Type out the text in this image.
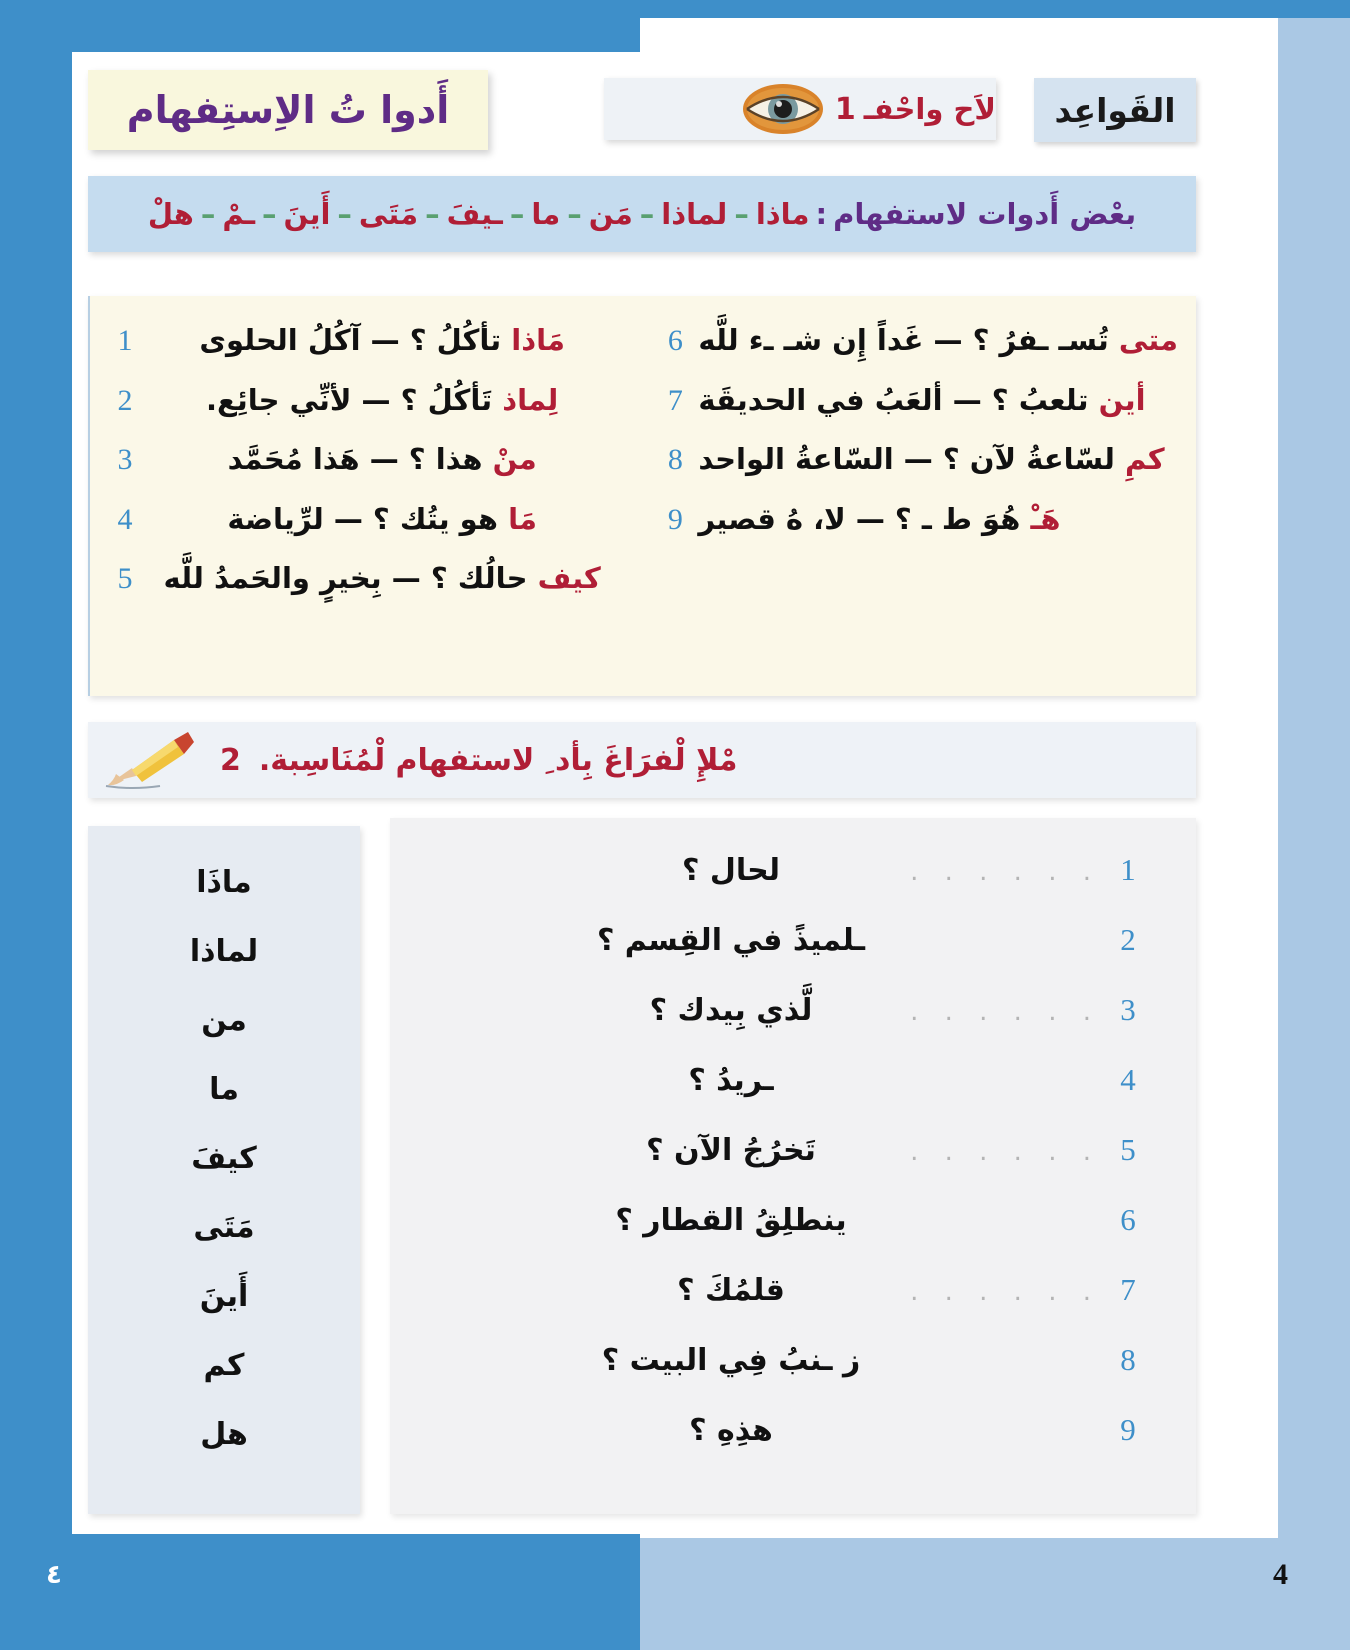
القَواعِد
لاَح واحْفـ
1
أَدوا تُ الاِستِفهام
بعْض أَدوات لاستفهام
:
ماذا–لماذا–مَن–ما–ـيفَ–مَتَى–أَينَ–ـمْ–هلْ
متى تُسـ ـفرُ ؟ — غَداً إِن شـ ـء للَّه
6
أين تلعبُ ؟ — ألعَبُ في الحديقَة
7
كمِ لسّاعةُ لآن ؟ — السّاعةُ الواحد
8
هَـْ هُوَ ط ـ ؟ — لا، هُ قصير
9
مَاذا تأكُلُ ؟ — آكُلُ الحلوى
1
لِماذ تَأكُلُ ؟ — لأنِّي جائِع.
2
منْ هذا ؟ — هَذا مُحَمَّد
3
مَا هو يتُك ؟ — لرِّياضة
4
كيف حالُك ؟ — بِخيرٍ والحَمدُ للَّه
5
مْلإِ لْفرَاغَ بِأد ِ لاستفهام لْمُنَاسِبة.
2
ماذَا
لماذا
من
ما
كيفَ
مَتَى
أَينَ
كم
هل
1
. . . . . .
لحال ؟
2
ـلميذً في القِسم ؟
3
. . . . . .
لَّذي بِيدك ؟
4
ـريدُ ؟
5
. . . . . .
تَخرُجُ الآن ؟
6
ينطلِقُ القطار ؟
7
. . . . . .
قلمُكَ ؟
8
ز ـنبُ فِي البيت ؟
9
هذِهِ ؟
٤	4
